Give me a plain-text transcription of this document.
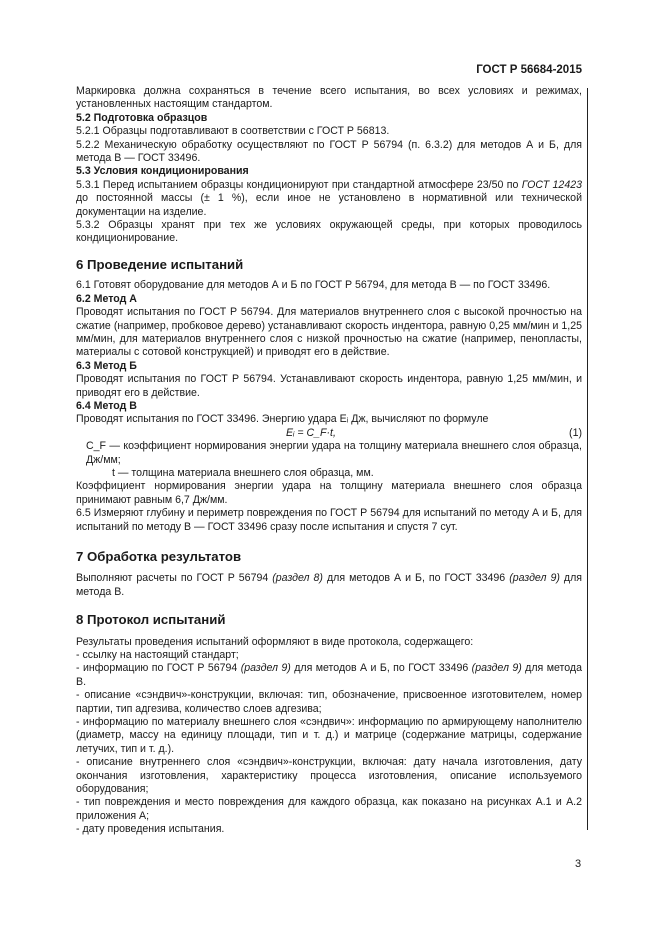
ГОСТ Р 56684-2015

Маркировка должна сохраняться в течение всего испытания, во всех условиях и режимах, установленных настоящим стандартом.

5.2 Подготовка образцов

5.2.1 Образцы подготавливают в соответствии с ГОСТ Р 56813.

5.2.2 Механическую обработку осуществляют по ГОСТ Р 56794 (п. 6.3.2) для методов А и Б, для метода В — ГОСТ 33496.

5.3 Условия кондиционирования

5.3.1 Перед испытанием образцы кондиционируют при стандартной атмосфере 23/50 по ГОСТ 12423 до постоянной массы (± 1 %), если иное не установлено в нормативной или технической документации на изделие.

5.3.2 Образцы хранят при тех же условиях окружающей среды, при которых проводилось кондиционирование.

6 Проведение испытаний

6.1 Готовят оборудование для методов А и Б по ГОСТ Р 56794, для метода В — по ГОСТ 33496.

6.2 Метод А

Проводят испытания по ГОСТ Р 56794. Для материалов внутреннего слоя с высокой прочностью на сжатие (например, пробковое дерево) устанавливают скорость индентора, равную 0,25 мм/мин и 1,25 мм/мин, для материалов внутреннего слоя с низкой прочностью на сжатие (например, пенопласты, материалы с сотовой конструкцией) и приводят его в действие.

6.3 Метод Б

Проводят испытания по ГОСТ Р 56794. Устанавливают скорость индентора, равную 1,25 мм/мин, и приводят его в действие.

6.4 Метод В

Проводят испытания по ГОСТ 33496. Энергию удара Eᵢ Дж, вычисляют по формуле

Eᵢ = C_F·t,	(1)

C_F — коэффициент нормирования энергии удара на толщину материала внешнего слоя образца, Дж/мм;

t — толщина материала внешнего слоя образца, мм.

Коэффициент нормирования энергии удара на толщину материала внешнего слоя образца принимают равным 6,7 Дж/мм.

6.5 Измеряют глубину и периметр повреждения по ГОСТ Р 56794 для испытаний по методу А и Б, для испытаний по методу В — ГОСТ 33496 сразу после испытания и спустя 7 сут.

7 Обработка результатов

Выполняют расчеты по ГОСТ Р 56794 (раздел 8) для методов А и Б, по ГОСТ 33496 (раздел 9) для метода В.

8 Протокол испытаний

Результаты проведения испытаний оформляют в виде протокола, содержащего:

- ссылку на настоящий стандарт;

- информацию по ГОСТ Р 56794 (раздел 9) для методов А и Б, по ГОСТ 33496 (раздел 9) для метода В.

- описание «сэндвич»-конструкции, включая: тип, обозначение, присвоенное изготовителем, номер партии, тип адгезива, количество слоев адгезива;

- информацию по материалу внешнего слоя «сэндвич»: информацию по армирующему наполнителю (диаметр, массу на единицу площади, тип и т. д.) и матрице (содержание матрицы, содержание летучих, тип и т. д.).

- описание внутреннего слоя «сэндвич»-конструкции, включая: дату начала изготовления, дату окончания изготовления, характеристику процесса изготовления, описание используемого оборудования;

- тип повреждения и место повреждения для каждого образца, как показано на рисунках А.1 и А.2 приложения А;

- дату проведения испытания.

3
